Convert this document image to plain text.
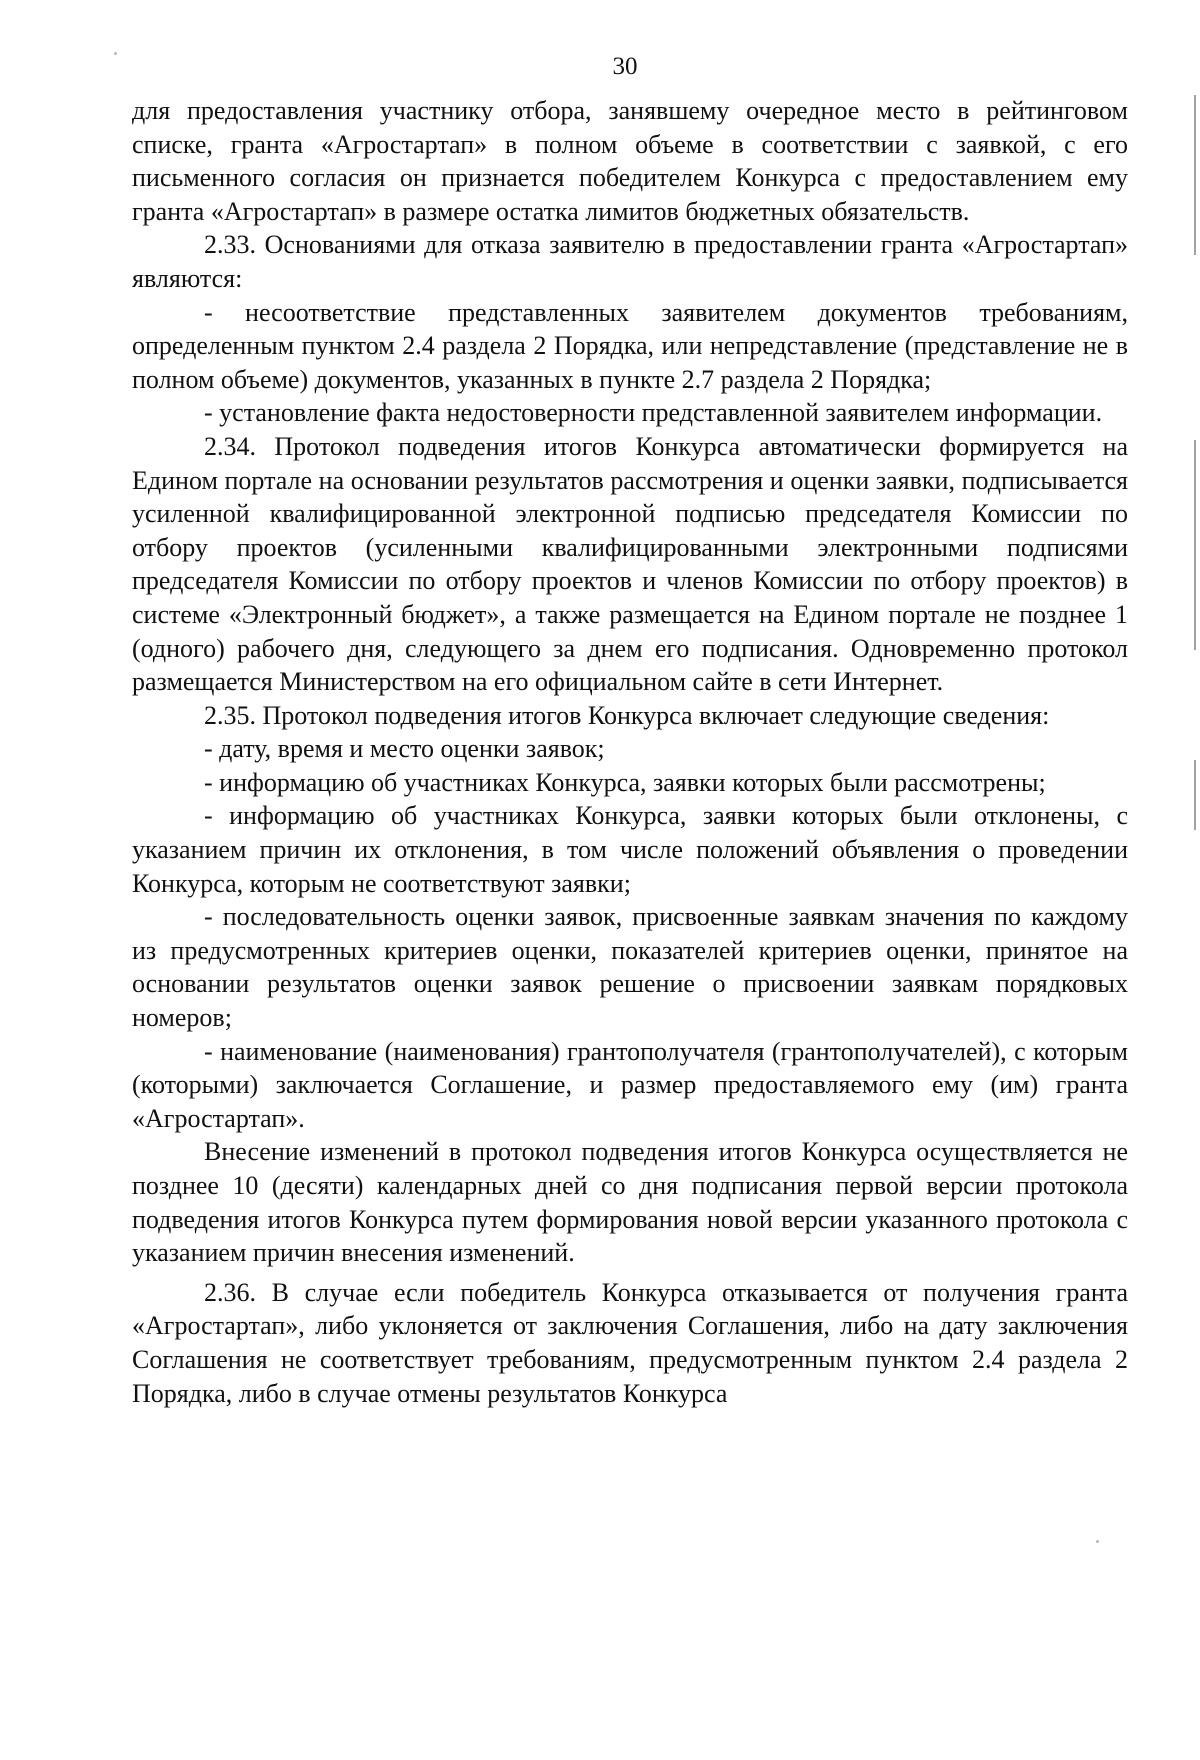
30

для предоставления участнику отбора, занявшему очередное место в рейтинговом списке, гранта «Агростартап» в полном объеме в соответствии с заявкой, с его письменного согласия он признается победителем Конкурса с предоставлением ему гранта «Агростартап» в размере остатка лимитов бюджетных обязательств.

2.33. Основаниями для отказа заявителю в предоставлении гранта «Агростартап» являются:

- несоответствие представленных заявителем документов требованиям, определенным пунктом 2.4 раздела 2 Порядка, или непредставление (представление не в полном объеме) документов, указанных в пункте 2.7 раздела 2 Порядка;

- установление факта недостоверности представленной заявителем информации.

2.34. Протокол подведения итогов Конкурса автоматически формируется на Едином портале на основании результатов рассмотрения и оценки заявки, подписывается усиленной квалифицированной электронной подписью председателя Комиссии по отбору проектов (усиленными квалифицированными электронными подписями председателя Комиссии по отбору проектов и членов Комиссии по отбору проектов) в системе «Электронный бюджет», а также размещается на Едином портале не позднее 1 (одного) рабочего дня, следующего за днем его подписания. Одновременно протокол размещается Министерством на его официальном сайте в сети Интернет.

2.35. Протокол подведения итогов Конкурса включает следующие сведения:

- дату, время и место оценки заявок;

- информацию об участниках Конкурса, заявки которых были рассмотрены;

- информацию об участниках Конкурса, заявки которых были отклонены, с указанием причин их отклонения, в том числе положений объявления о проведении Конкурса, которым не соответствуют заявки;

- последовательность оценки заявок, присвоенные заявкам значения по каждому из предусмотренных критериев оценки, показателей критериев оценки, принятое на основании результатов оценки заявок решение о присвоении заявкам порядковых номеров;

- наименование (наименования) грантополучателя (грантополучателей), с которым (которыми) заключается Соглашение, и размер предоставляемого ему (им) гранта «Агростартап».

Внесение изменений в протокол подведения итогов Конкурса осуществляется не позднее 10 (десяти) календарных дней со дня подписания первой версии протокола подведения итогов Конкурса путем формирования новой версии указанного протокола с указанием причин внесения изменений.

2.36. В случае если победитель Конкурса отказывается от получения гранта «Агростартап», либо уклоняется от заключения Соглашения, либо на дату заключения Соглашения не соответствует требованиям, предусмотренным пунктом 2.4 раздела 2 Порядка, либо в случае отмены результатов Конкурса
